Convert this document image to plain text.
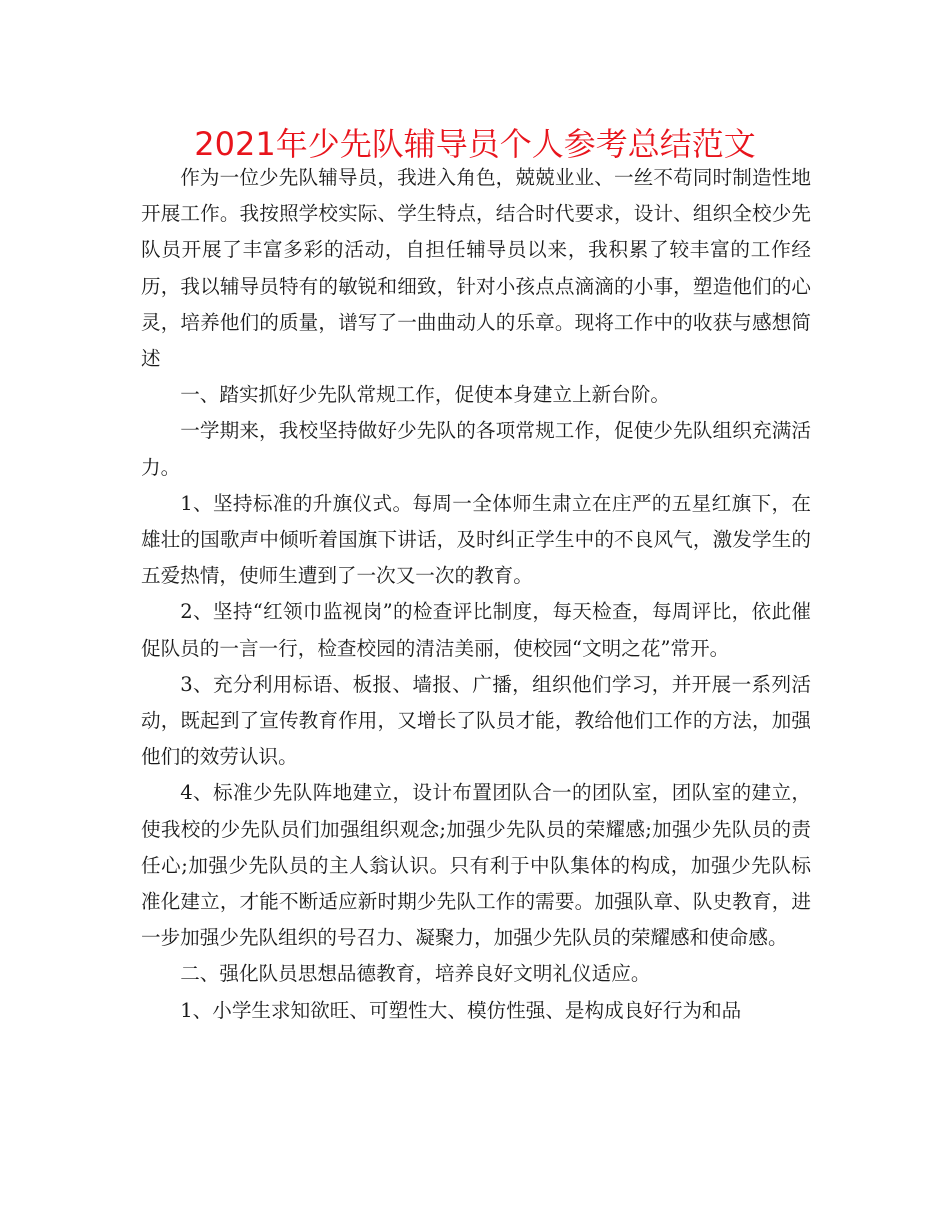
2021年少先队辅导员个人参考总结范文

作为一位少先队辅导员，我进入角色，兢兢业业、一丝不苟同时制造性地开展工作。我按照学校实际、学生特点，结合时代要求，设计、组织全校少先队员开展了丰富多彩的活动，自担任辅导员以来，我积累了较丰富的工作经历，我以辅导员特有的敏锐和细致，针对小孩点点滴滴的小事，塑造他们的心灵，培养他们的质量，谱写了一曲曲动人的乐章。现将工作中的收获与感想简述

一、踏实抓好少先队常规工作，促使本身建立上新台阶。

一学期来，我校坚持做好少先队的各项常规工作，促使少先队组织充满活力。

1、坚持标准的升旗仪式。每周一全体师生肃立在庄严的五星红旗下，在雄壮的国歌声中倾听着国旗下讲话，及时纠正学生中的不良风气，激发学生的五爱热情，使师生遭到了一次又一次的教育。

2、坚持“红领巾监视岗”的检查评比制度，每天检查，每周评比，依此催促队员的一言一行，检查校园的清洁美丽，使校园“文明之花”常开。

3、充分利用标语、板报、墙报、广播，组织他们学习，并开展一系列活动，既起到了宣传教育作用，又增长了队员才能，教给他们工作的方法，加强他们的效劳认识。

4、标准少先队阵地建立，设计布置团队合一的团队室，团队室的建立，使我校的少先队员们加强组织观念;加强少先队员的荣耀感;加强少先队员的责任心;加强少先队员的主人翁认识。只有利于中队集体的构成，加强少先队标准化建立，才能不断适应新时期少先队工作的需要。加强队章、队史教育，进一步加强少先队组织的号召力、凝聚力，加强少先队员的荣耀感和使命感。

二、强化队员思想品德教育，培养良好文明礼仪适应。

1、小学生求知欲旺、可塑性大、模仿性强、是构成良好行为和品
